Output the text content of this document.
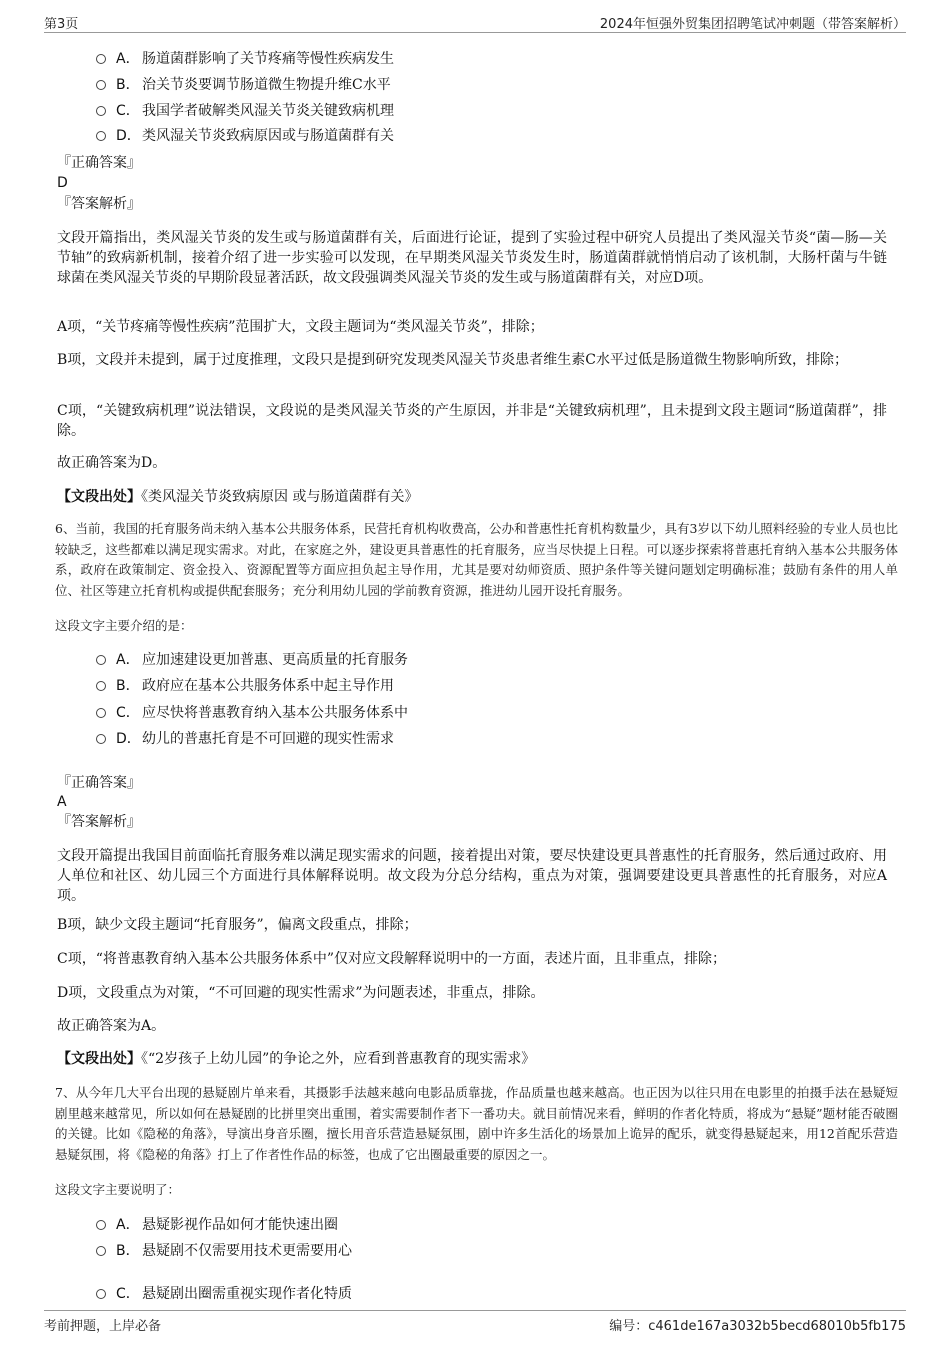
第3页	2024年恒强外贸集团招聘笔试冲刺题（带答案解析）
A． 肠道菌群影响了关节疼痛等慢性疾病发生
B． 治关节炎要调节肠道微生物提升维C水平
C． 我国学者破解类风湿关节炎关键致病机理
D．类风湿关节炎致病原因或与肠道菌群有关
『正确答案』
D
『答案解析』
文段开篇指出，类风湿关节炎的发生或与肠道菌群有关，后面进行论证，提到了实验过程中研究人员提出了类风湿关节炎“菌—肠—关节轴”的致病新机制，接着介绍了进一步实验可以发现，在早期类风湿关节炎发生时，肠道菌群就悄悄启动了该机制，大肠杆菌与牛链球菌在类风湿关节炎的早期阶段显著活跃，故文段强调类风湿关节炎的发生或与肠道菌群有关，对应D项。
A项，“关节疼痛等慢性疾病”范围扩大，文段主题词为“类风湿关节炎”，排除；
B项，文段并未提到，属于过度推理，文段只是提到研究发现类风湿关节炎患者维生素C水平过低是肠道微生物影响所致，排除；
C项，“关键致病机理”说法错误，文段说的是类风湿关节炎的产生原因，并非是“关键致病机理”，且未提到文段主题词“肠道菌群”，排除。
故正确答案为D。
【文段出处】《类风湿关节炎致病原因 或与肠道菌群有关》
6、当前，我国的托育服务尚未纳入基本公共服务体系，民营托育机构收费高，公办和普惠性托育机构数量少，具有3岁以下幼儿照料经验的专业人员也比较缺乏，这些都难以满足现实需求。对此，在家庭之外，建设更具普惠性的托育服务，应当尽快提上日程。可以逐步探索将普惠托育纳入基本公共服务体系，政府在政策制定、资金投入、资源配置等方面应担负起主导作用，尤其是要对幼师资质、照护条件等关键问题划定明确标准；鼓励有条件的用人单位、社区等建立托育机构或提供配套服务；充分利用幼儿园的学前教育资源，推进幼儿园开设托育服务。
这段文字主要介绍的是：
A． 应加速建设更加普惠、更高质量的托育服务
B． 政府应在基本公共服务体系中起主导作用
C． 应尽快将普惠教育纳入基本公共服务体系中
D．幼儿的普惠托育是不可回避的现实性需求
『正确答案』
A
『答案解析』
文段开篇提出我国目前面临托育服务难以满足现实需求的问题，接着提出对策，要尽快建设更具普惠性的托育服务，然后通过政府、用人单位和社区、幼儿园三个方面进行具体解释说明。故文段为分总分结构，重点为对策，强调要建设更具普惠性的托育服务，对应A项。
B项，缺少文段主题词“托育服务”，偏离文段重点，排除；
C项，“将普惠教育纳入基本公共服务体系中”仅对应文段解释说明中的一方面，表述片面，且非重点，排除；
D项，文段重点为对策，“不可回避的现实性需求”为问题表述，非重点，排除。
故正确答案为A。
【文段出处】《“2岁孩子上幼儿园”的争论之外，应看到普惠教育的现实需求》
7、从今年几大平台出现的悬疑剧片单来看，其摄影手法越来越向电影品质靠拢，作品质量也越来越高。也正因为以往只用在电影里的拍摄手法在悬疑短剧里越来越常见，所以如何在悬疑剧的比拼里突出重围，着实需要制作者下一番功夫。就目前情况来看，鲜明的作者化特质，将成为“悬疑”题材能否破圈的关键。比如《隐秘的角落》，导演出身音乐圈，擅长用音乐营造悬疑氛围，剧中许多生活化的场景加上诡异的配乐，就变得悬疑起来，用12首配乐营造悬疑氛围，将《隐秘的角落》打上了作者性作品的标签，也成了它出圈最重要的原因之一。
这段文字主要说明了：
A． 悬疑影视作品如何才能快速出圈
B． 悬疑剧不仅需要用技术更需要用心
C． 悬疑剧出圈需重视实现作者化特质
考前押题，上岸必备	编号：c461de167a3032b5becd68010b5fb175
